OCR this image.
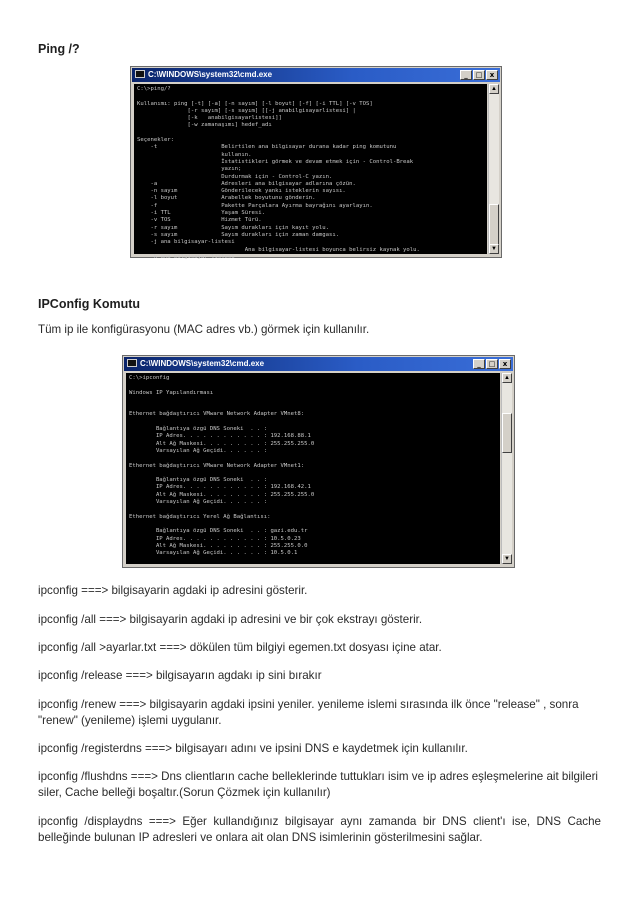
Ping /?
C:\WINDOWS\system32\cmd.exe	_	□	x
C:\>ping/?

Kullanımı: ping [-t] [-a] [-n sayım] [-l boyut] [-f] [-i TTL] [-v TOS]
[-r sayım] [-s sayım] [[-j anabilgisayarlistesi] |
[-k   anabilgisayarlistesi]]
[-w zamanaşımı] hedef_adı

Seçenekler:
-t                   Belirtilen ana bilgisayar durana kadar ping komutunu
kullanın.
İstatistikleri görmek ve devam etmek için - Control-Break
yazın;
Durdurmak için - Control-C yazın.
-a                   Adresleri ana bilgisayar adlarına çözün.
-n sayım             Gönderilecek yankı isteklerin sayısı.
-l boyut             Arabellek boyutunu gönderin.
-f                   Pakette Parçalara Ayırma bayrağını ayarlayın.
-i TTL               Yaşam Süresi.
-v TOS               Hizmet Türü.
-r sayım             Sayım durakları için kayıt yolu.
-s sayım             Sayım durakları için zaman damgası.
-j ana bilgisayar-listesi
Ana bilgisayar-listesi boyunca belirsiz kaynak yolu.
-k ana bilgisayar-listesi
▲
▼
IPConfig Komutu
Tüm ip ile konfigürasyonu (MAC adres vb.) görmek için kullanılır.
C:\WINDOWS\system32\cmd.exe	_	□	x
C:\>ipconfig

Windows IP Yapılandırması

Ethernet bağdaştırıcı VMware Network Adapter VMnet8:

Bağlantıya özgü DNS Soneki  . . :
IP Adres. . . . . . . . . . . . : 192.168.88.1
Alt Ağ Maskesi. . . . . . . . . : 255.255.255.0
Varsayılan Ağ Geçidi. . . . . . :

Ethernet bağdaştırıcı VMware Network Adapter VMnet1:

Bağlantıya özgü DNS Soneki  . . :
IP Adres. . . . . . . . . . . . : 192.168.42.1
Alt Ağ Maskesi. . . . . . . . . : 255.255.255.0
Varsayılan Ağ Geçidi. . . . . . :

Ethernet bağdaştırıcı Yerel Ağ Bağlantısı:

Bağlantıya özgü DNS Soneki  . . : gazi.edu.tr
IP Adres. . . . . . . . . . . . : 10.5.0.23
Alt Ağ Maskesi. . . . . . . . . : 255.255.0.0
Varsayılan Ağ Geçidi. . . . . . : 10.5.0.1
▲
▼
ipconfig ===> bilgisayarin agdaki ip adresini gösterir.
ipconfig /all ===> bilgisayarin agdaki ip adresini ve bir çok ekstrayı gösterir.
ipconfig /all >ayarlar.txt ===> dökülen tüm bilgiyi egemen.txt dosyası içine atar.
ipconfig /release ===> bilgisayarın agdakı ip sini bırakır
ipconfig /renew ===> bilgisayarin agdaki ipsini yeniler. yenileme islemi sırasında ilk önce "release" , sonra "renew" (yenileme) işlemi uygulanır.
ipconfig /registerdns ===> bilgisayarı adını ve ipsini DNS e kaydetmek için kullanılır.
ipconfig /flushdns ===> Dns clientların cache belleklerinde tuttukları isim ve ip adres eşleşmelerine ait bilgileri siler, Cache belleği boşaltır.(Sorun Çözmek için kullanılır)
ipconfig /displaydns ===> Eğer kullandığınız bilgisayar aynı zamanda bir DNS client'ı ise, DNS Cache belleğinde bulunan IP adresleri ve onlara ait olan DNS isimlerinin gösterilmesini sağlar.
